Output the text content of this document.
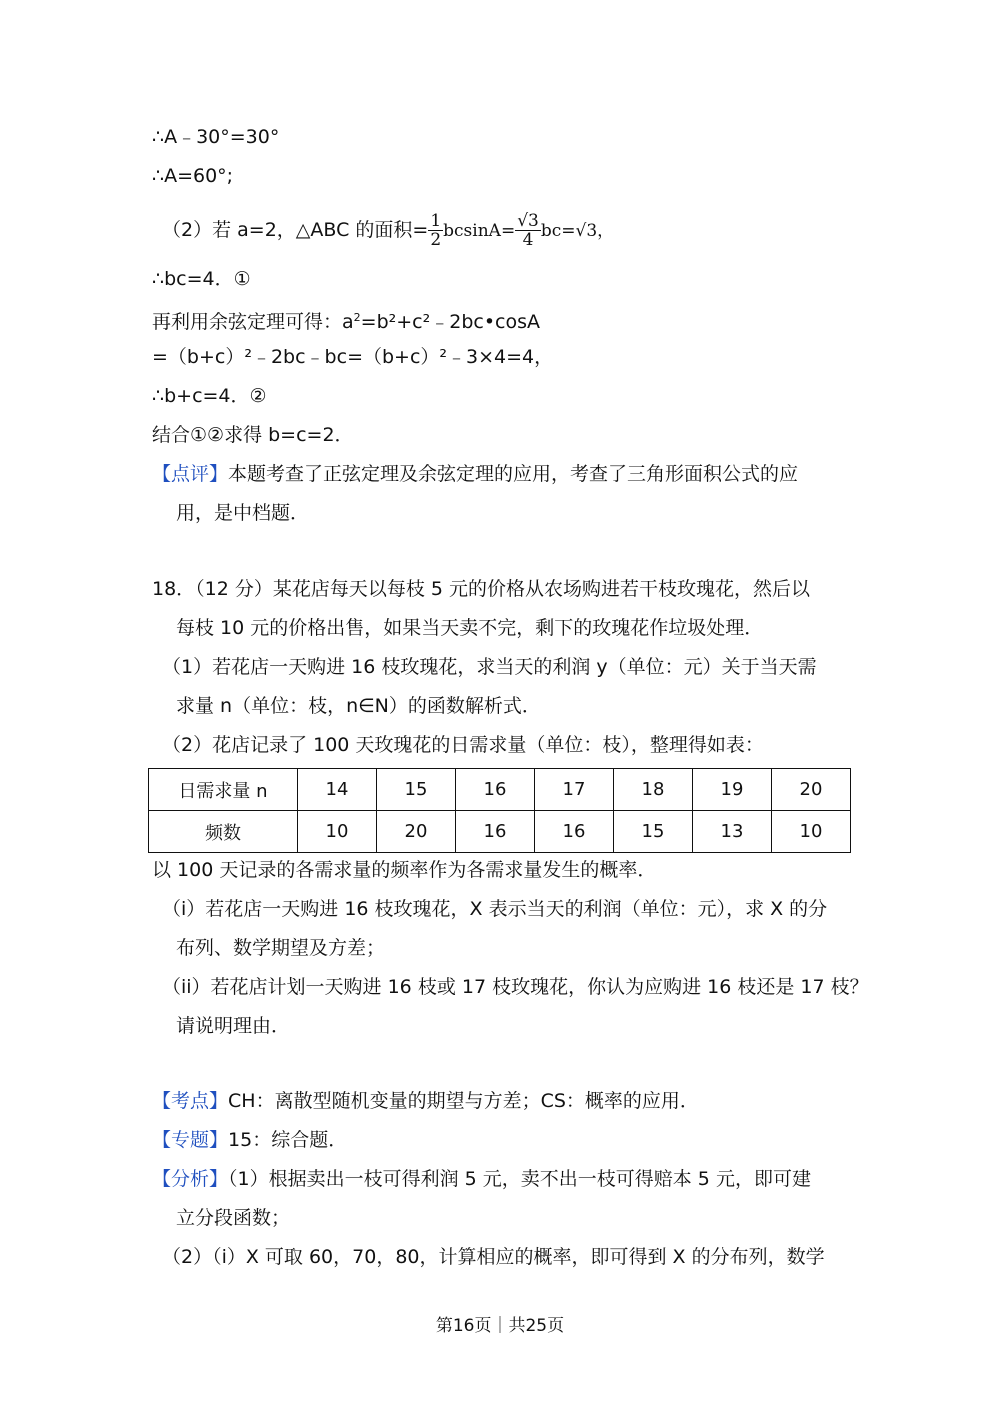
∴A﹣30°=30°
∴A=60°;
（2）若 a=2，△ABC 的面积= $\frac{1}{2} bcsinA= \frac{√3}{4} bc=√3$，
∴bc=4．①
再利用余弦定理可得：$a^2=b^2+c^2﹣2bc•\cos A$
=（b+c）²﹣2bc﹣bc=（b+c）²﹣3×4=4，
∴b+c=4．②
结合①②求得 b=c=2．
【点评】本题考查了正弦定理及余弦定理的应用，考查了三角形面积公式的应
用，是中档题．
18．（12 分）某花店每天以每枝 5 元的价格从农场购进若干枝玫瑰花，然后以
每枝 10 元的价格出售，如果当天卖不完，剩下的玫瑰花作垃圾处理．
（1）若花店一天购进 16 枝玫瑰花，求当天的利润 y（单位：元）关于当天需
求量 n（单位：枝，n∈N）的函数解析式．
（2）花店记录了 100 天玫瑰花的日需求量（单位：枝），整理得如表：
日需求量 n	14	15	16	17	18	19	20
频数	10	20	16	16	15	13	10
以 100 天记录的各需求量的频率作为各需求量发生的概率．
（i）若花店一天购进 16 枝玫瑰花，X 表示当天的利润（单位：元），求 X 的分
布列、数学期望及方差；
（ii）若花店计划一天购进 16 枝或 17 枝玫瑰花，你认为应购进 16 枝还是 17 枝？
请说明理由．
【考点】CH：离散型随机变量的期望与方差；CS：概率的应用．
【专题】15：综合题．
【分析】（1）根据卖出一枝可得利润 5 元，卖不出一枝可得赔本 5 元，即可建
立分段函数；
（2）（i）X 可取 60，70，80，计算相应的概率，即可得到 X 的分布列，数学
第16页｜共25页
